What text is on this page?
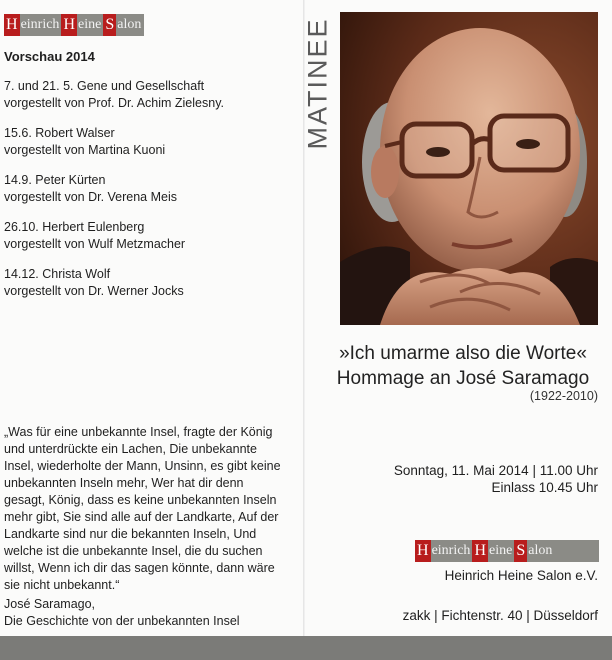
H einrich H eine S alon
Vorschau 2014
7. und 21. 5. Gene und Gesellschaft
vorgestellt von Prof. Dr. Achim Zielesny.
15.6. Robert Walser
vorgestellt von Martina Kuoni
14.9. Peter Kürten
vorgestellt von Dr. Verena Meis
26.10. Herbert Eulenberg
vorgestellt von Wulf Metzmacher
14.12. Christa Wolf
vorgestellt von Dr. Werner Jocks
„Was für eine unbekannte Insel, fragte der König
und unterdrückte ein Lachen, Die unbekannte
Insel, wiederholte der Mann, Unsinn, es gibt keine
unbekannten Inseln mehr, Wer hat dir denn
gesagt, König, dass es keine unbekannten Inseln
mehr gibt, Sie sind alle auf der Landkarte, Auf der
Landkarte sind nur die bekannten Inseln, Und
welche ist die unbekannte Insel, die du suchen
willst, Wenn ich dir das sagen könnte, dann wäre
sie nicht unbekannt.“
José Saramago,
Die Geschichte von der unbekannten Insel
MATINEE
»Ich umarme also die Worte«
Hommage an José Saramago
(1922-2010)
Sonntag, 11. Mai 2014 | 11.00 Uhr
Einlass 10.45 Uhr
H einrich H eine S alon
Heinrich Heine Salon e.V.
zakk | Fichtenstr. 40 | Düsseldorf
